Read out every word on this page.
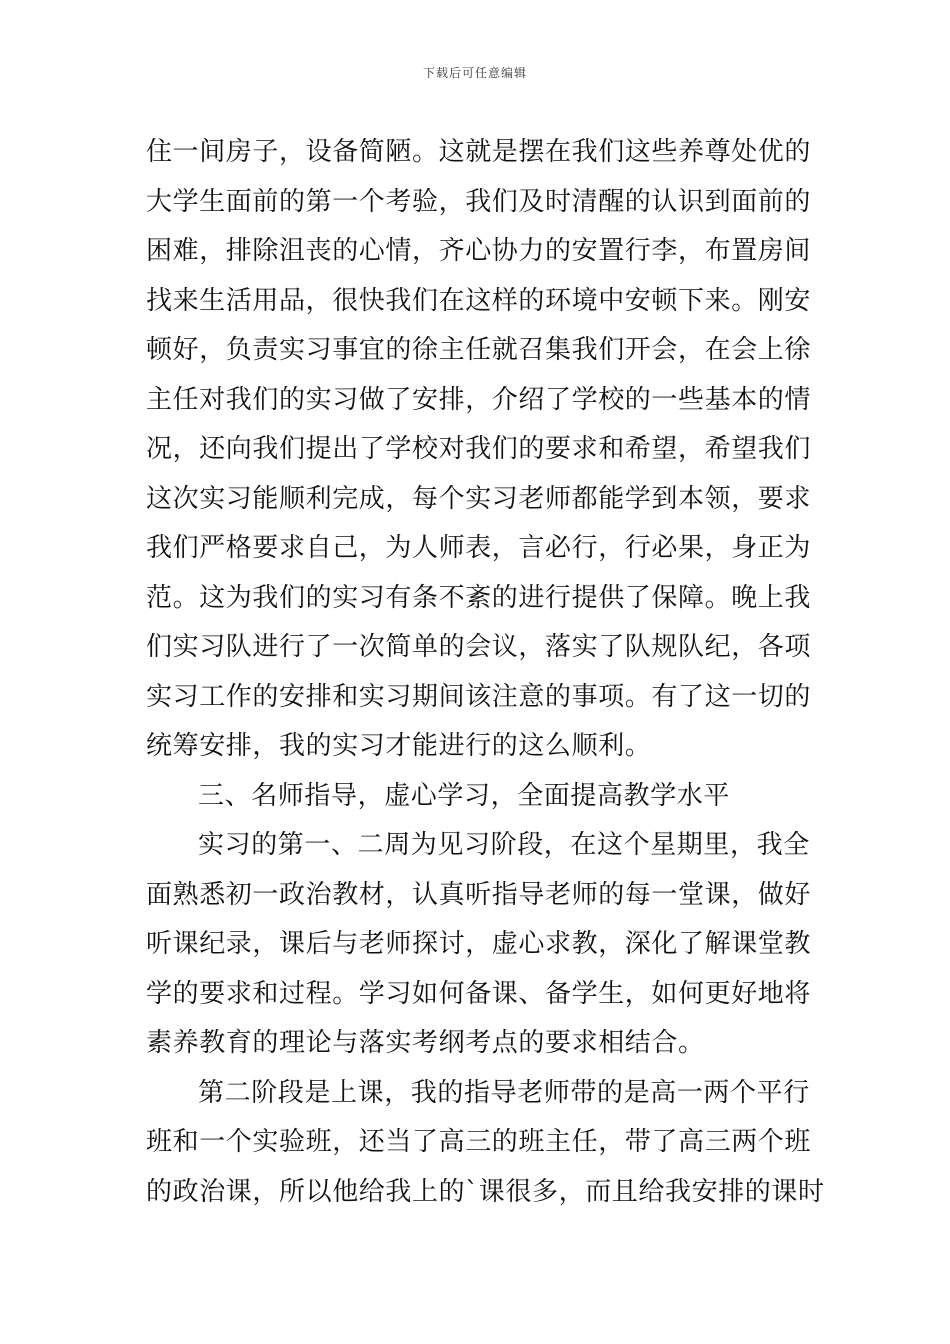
下载后可任意编辑
住一间房子，设备简陋。这就是摆在我们这些养尊处优的
大学生面前的第一个考验，我们及时清醒的认识到面前的
困难，排除沮丧的心情，齐心协力的安置行李，布置房间
找来生活用品，很快我们在这样的环境中安顿下来。刚安
顿好，负责实习事宜的徐主任就召集我们开会，在会上徐
主任对我们的实习做了安排，介绍了学校的一些基本的情
况，还向我们提出了学校对我们的要求和希望，希望我们
这次实习能顺利完成，每个实习老师都能学到本领，要求
我们严格要求自己，为人师表，言必行，行必果，身正为
范。这为我们的实习有条不紊的进行提供了保障。晚上我
们实习队进行了一次简单的会议，落实了队规队纪，各项
实习工作的安排和实习期间该注意的事项。有了这一切的
统筹安排，我的实习才能进行的这么顺利。
三、名师指导，虚心学习，全面提高教学水平
实习的第一、二周为见习阶段，在这个星期里，我全
面熟悉初一政治教材，认真听指导老师的每一堂课，做好
听课纪录，课后与老师探讨，虚心求教，深化了解课堂教
学的要求和过程。学习如何备课、备学生，如何更好地将
素养教育的理论与落实考纲考点的要求相结合。
第二阶段是上课，我的指导老师带的是高一两个平行
班和一个实验班，还当了高三的班主任，带了高三两个班
的政治课，所以他给我上的`课很多，而且给我安排的课时
